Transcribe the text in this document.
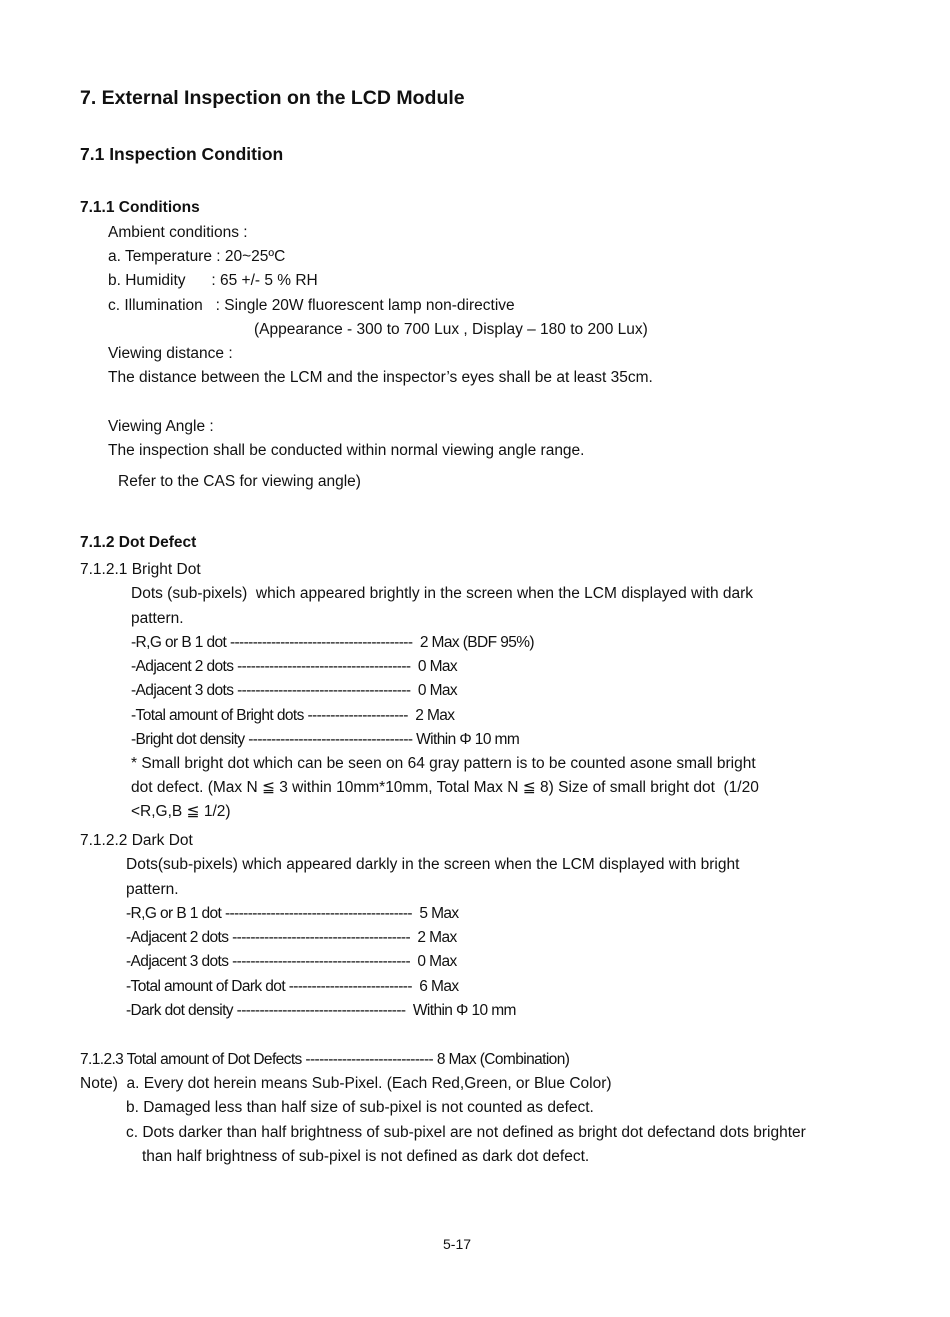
7. External Inspection on the LCD Module
7.1 Inspection Condition
7.1.1 Conditions
Ambient conditions :
a. Temperature : 20~25ºC
b. Humidity      : 65 +/- 5 % RH
c. Illumination   : Single 20W fluorescent lamp non-directive
(Appearance - 300 to 700 Lux , Display – 180 to 200 Lux)
Viewing distance :
The distance between the LCM and the inspector’s eyes shall be at least 35cm.
Viewing Angle :
The inspection shall be conducted within normal viewing angle range.
Refer to the CAS for viewing angle)
7.1.2 Dot Defect
7.1.2.1 Bright Dot
Dots (sub-pixels)  which appeared brightly in the screen when the LCM displayed with dark
pattern.
-R,G or B 1 dot ----------------------------------------  2 Max (BDF 95%)
-Adjacent 2 dots --------------------------------------  0 Max
-Adjacent 3 dots --------------------------------------  0 Max
-Total amount of Bright dots ----------------------  2 Max
-Bright dot density ------------------------------------ Within Φ 10 mm
* Small bright dot which can be seen on 64 gray pattern is to be counted asone small bright
dot defect. (Max N ≦ 3 within 10mm*10mm, Total Max N ≦ 8) Size of small bright dot  (1/20
<R,G,B ≦ 1/2)
7.1.2.2 Dark Dot
Dots(sub-pixels) which appeared darkly in the screen when the LCM displayed with bright
pattern.
-R,G or B 1 dot -----------------------------------------  5 Max
-Adjacent 2 dots ---------------------------------------  2 Max
-Adjacent 3 dots ---------------------------------------  0 Max
-Total amount of Dark dot ---------------------------  6 Max
-Dark dot density -------------------------------------  Within Φ 10 mm
7.1.2.3 Total amount of Dot Defects ---------------------------- 8 Max (Combination)
Note)  a. Every dot herein means Sub-Pixel. (Each Red,Green, or Blue Color)
b. Damaged less than half size of sub-pixel is not counted as defect.
c. Dots darker than half brightness of sub-pixel are not defined as bright dot defectand dots brighter
than half brightness of sub-pixel is not defined as dark dot defect.
5-17
